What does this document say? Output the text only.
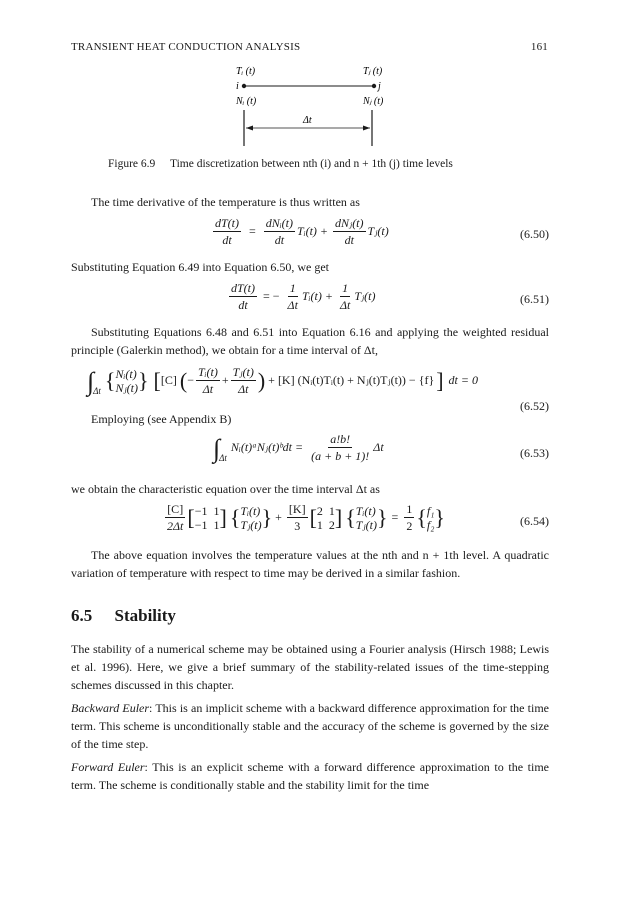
TRANSIENT HEAT CONDUCTION ANALYSIS	161
Tᵢ (t)	Tⱼ (t)
i	j
Nᵢ (t)	Nⱼ (t)
Δt
Figure 6.9 Time discretization between nth (i) and n + 1th (j) time levels

The time derivative of the temperature is thus written as

$\frac{dT(t)}{dt} = \frac{\text{dNᵢ(t)}}{dt}$ Tᵢ(t) + $\frac{\text{dNⱼ(t)}}{dt}$ Tⱼ(t)	(6.50)

Substituting Equation 6.49 into Equation 6.50, we get

$\frac{dT(t)}{dt}$ = − $\frac{1}{\Delta t}$ Tᵢ(t) + $\frac{1}{\Delta t}$ Tⱼ(t)	(6.51)

Substituting Equations 6.48 and 6.51 into Equation 6.16 and applying the weighted residual principle (Galerkin method), we obtain for a time interval of Δt,

∫ Δt { Nᵢ(t)
Nⱼ(t) } [ [C] ( − $\frac{\text{Tᵢ(t)}}{\Delta t} + \frac{\text{Tⱼ(t)}}{\Delta t}$ ) + [K] (Nᵢ(t)Tᵢ(t) + Nⱼ(t)Tⱼ(t)) − {f} ] dt = 0
(6.52)

Employing (see Appendix B)

∫ Δt
Nᵢ(t)ᵃNⱼ(t)ᵇdt = $\frac{a!b!}{(a + b + 1)!}$ Δt	(6.53)

we obtain the characteristic equation over the time interval Δt as

$\frac{[C]}{2\Delta t}$ [ −1 1
−1 1 ] { Tᵢ(t)
Tⱼ(t) } + $\frac{[K]}{3}$ [ 2 1
1 2 ] { Tᵢ(t)
Tⱼ(t) } = $\frac{1}{2}$ { f₁
f₂ }	(6.54)

The above equation involves the temperature values at the nth and n + 1th level. A quadratic variation of temperature with respect to time may be derived in a similar fashion.

6.5 Stability

The stability of a numerical scheme may be obtained using a Fourier analysis (Hirsch 1988; Lewis et al. 1996). Here, we give a brief summary of the stability-related issues of the time-stepping schemes discussed in this chapter.

Backward Euler: This is an implicit scheme with a backward difference approximation for the time term. This scheme is unconditionally stable and the accuracy of the scheme is governed by the size of the time step.

Forward Euler: This is an explicit scheme with a forward difference approximation to the time term. The scheme is conditionally stable and the stability limit for the time
